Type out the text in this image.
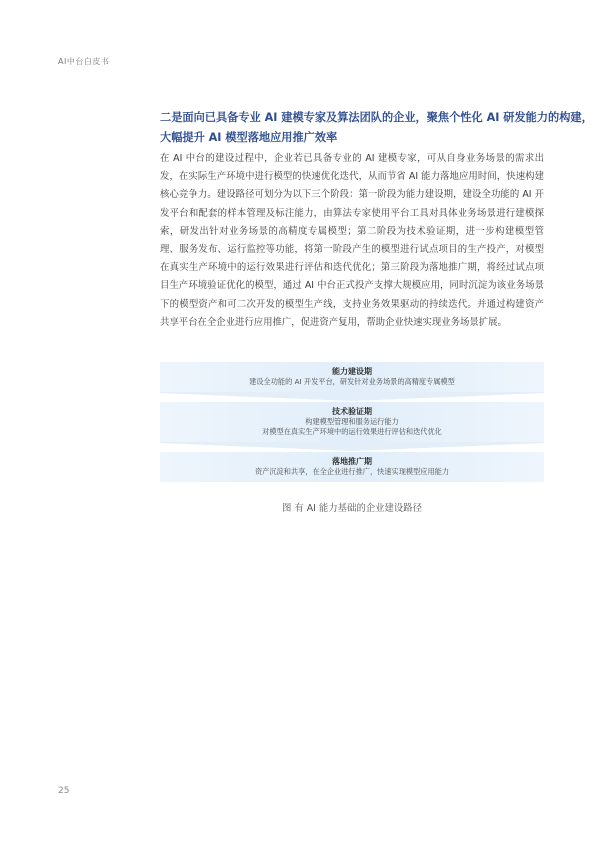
AI中台白皮书
二是面向已具备专业 AI 建模专家及算法团队的企业，聚焦个性化 AI 研发能力的构建，
大幅提升 AI 模型落地应用推广效率
在 AI 中台的建设过程中，企业若已具备专业的 AI 建模专家，可从自身业务场景的需求出发，在实际生产环境中进行模型的快速优化迭代，从而节省 AI 能力落地应用时间，快速构建核心竞争力。建设路径可划分为以下三个阶段：第一阶段为能力建设期，建设全功能的 AI 开发平台和配套的样本管理及标注能力，由算法专家使用平台工具对具体业务场景进行建模探索，研发出针对业务场景的高精度专属模型；第二阶段为技术验证期，进一步构建模型管理、服务发布、运行监控等功能，将第一阶段产生的模型进行试点项目的生产投产，对模型在真实生产环境中的运行效果进行评估和迭代优化；第三阶段为落地推广期，将经过试点项目生产环境验证优化的模型，通过 AI 中台正式投产支撑大规模应用，同时沉淀为该业务场景下的模型资产和可二次开发的模型生产线，支持业务效果驱动的持续迭代。并通过构建资产共享平台在全企业进行应用推广，促进资产复用，帮助企业快速实现业务场景扩展。
能力建设期
建设全功能的 AI 开发平台，研发针对业务场景的高精度专属模型
技术验证期
构建模型管理和服务运行能力
对模型在真实生产环境中的运行效果进行评估和迭代优化
落地推广期
资产沉淀和共享，在全企业进行推广，快速实现模型应用能力
图 有 AI 能力基础的企业建设路径
25
